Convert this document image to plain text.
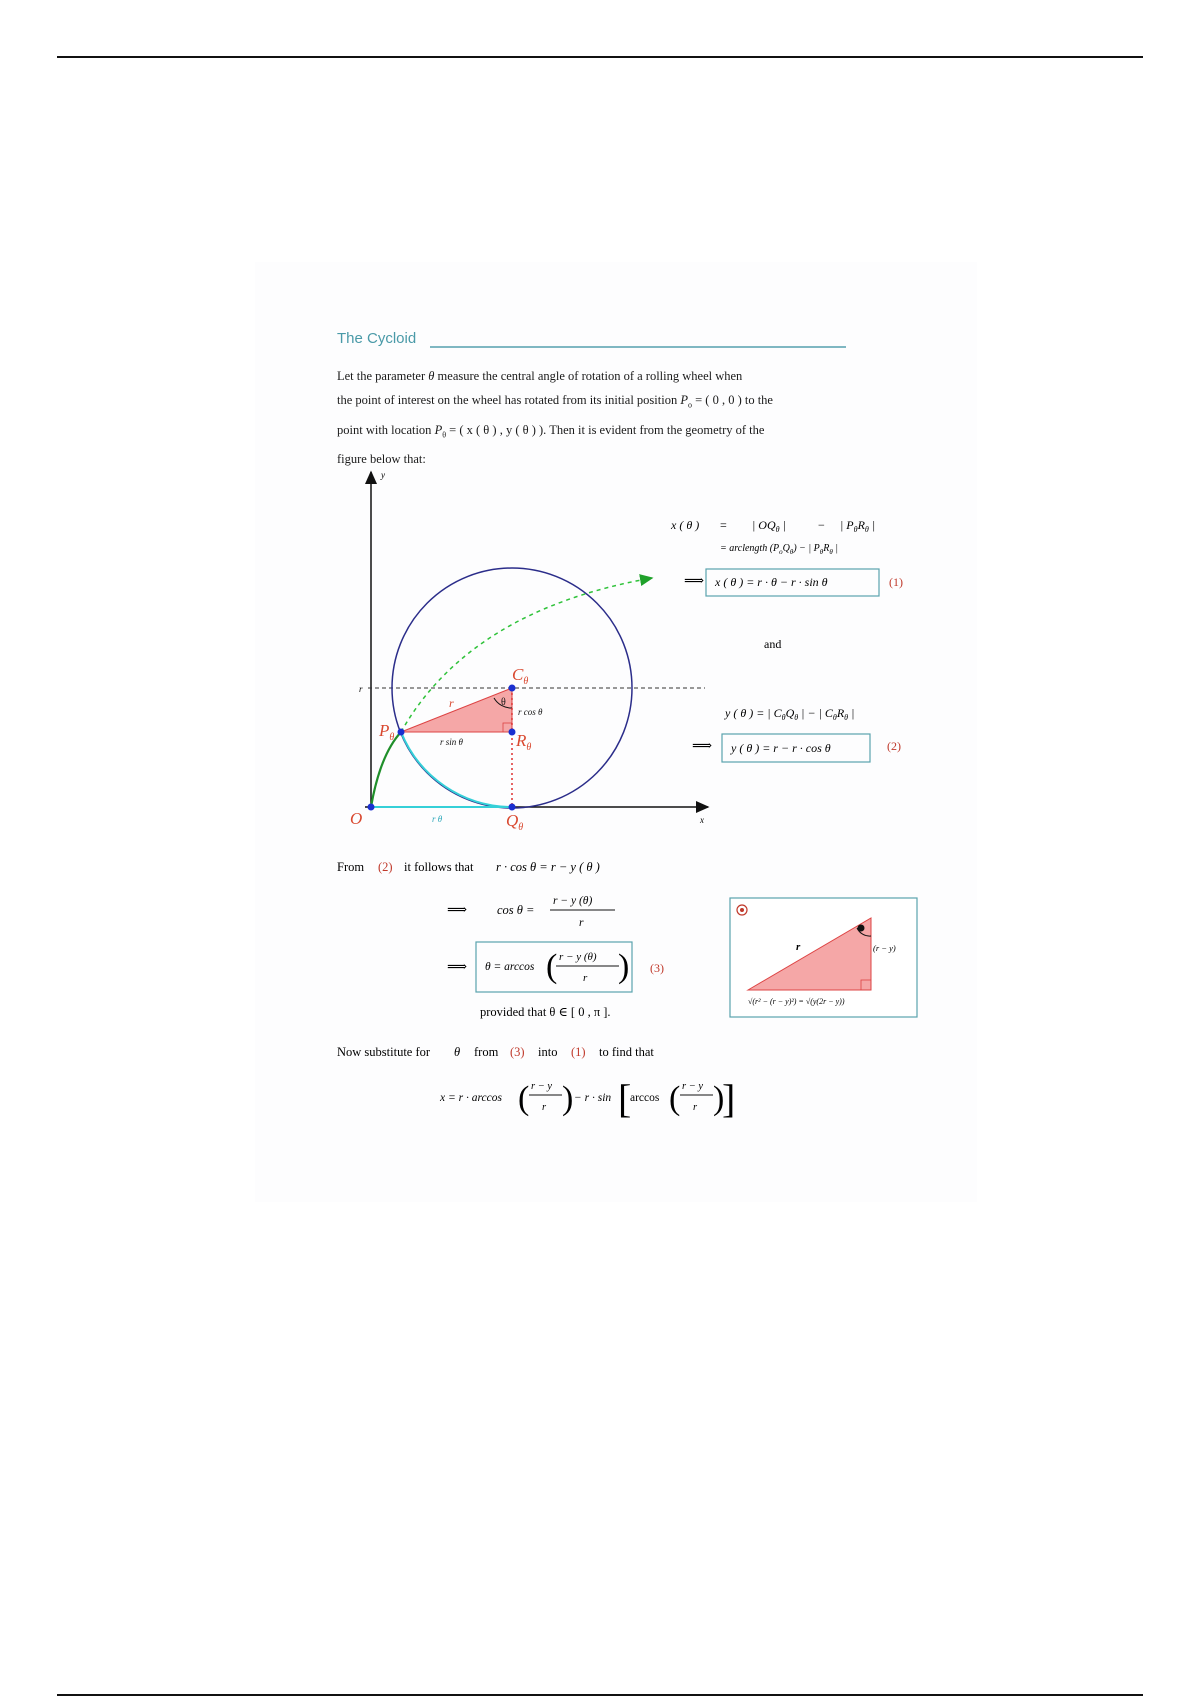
The Cycloid
Let the parameter θ measure the central angle of rotation of a rolling wheel when
the point of interest on the wheel has rotated from its initial position $P_o$ = ( 0 , 0 ) to the
point with location $P_\theta$ = ( x ( θ ) , y ( θ ) ). Then it is evident from the geometry of the
figure below that:
y
x
r
O	$Q_\theta$
$C_\theta$
$P_\theta$	$R_\theta$
r	θ
r cos θ
r sin θ
r θ
x ( θ ) = | $OQ_\theta$ |	− | $P_\theta R_\theta$ |
= arclength $(P_oQ_\theta)$ − | $P_\theta R_\theta$ |
⟹ x ( θ ) = r · θ − r · sin θ	(1)
and
y ( θ ) = | $C_\theta Q_\theta$ | − | $C_\theta R_\theta$ |
⟹ y ( θ ) = r − r · cos θ	(2)
From (2) it follows that r · cos θ = r − y ( θ )
⟹ cos θ =
r − y (θ)
r
⟹ θ = arccos ( r − y (θ)
r ) (3)
provided that θ ∈ [ 0 , π ].
r	(r − y)
√(r² − (r − y)²) = √(y(2r − y))
Now substitute for θ from (3) into (1) to find that
x = r · arccos ( r − y
r ) − r · sin [
arccos ( r − y
r )
]
